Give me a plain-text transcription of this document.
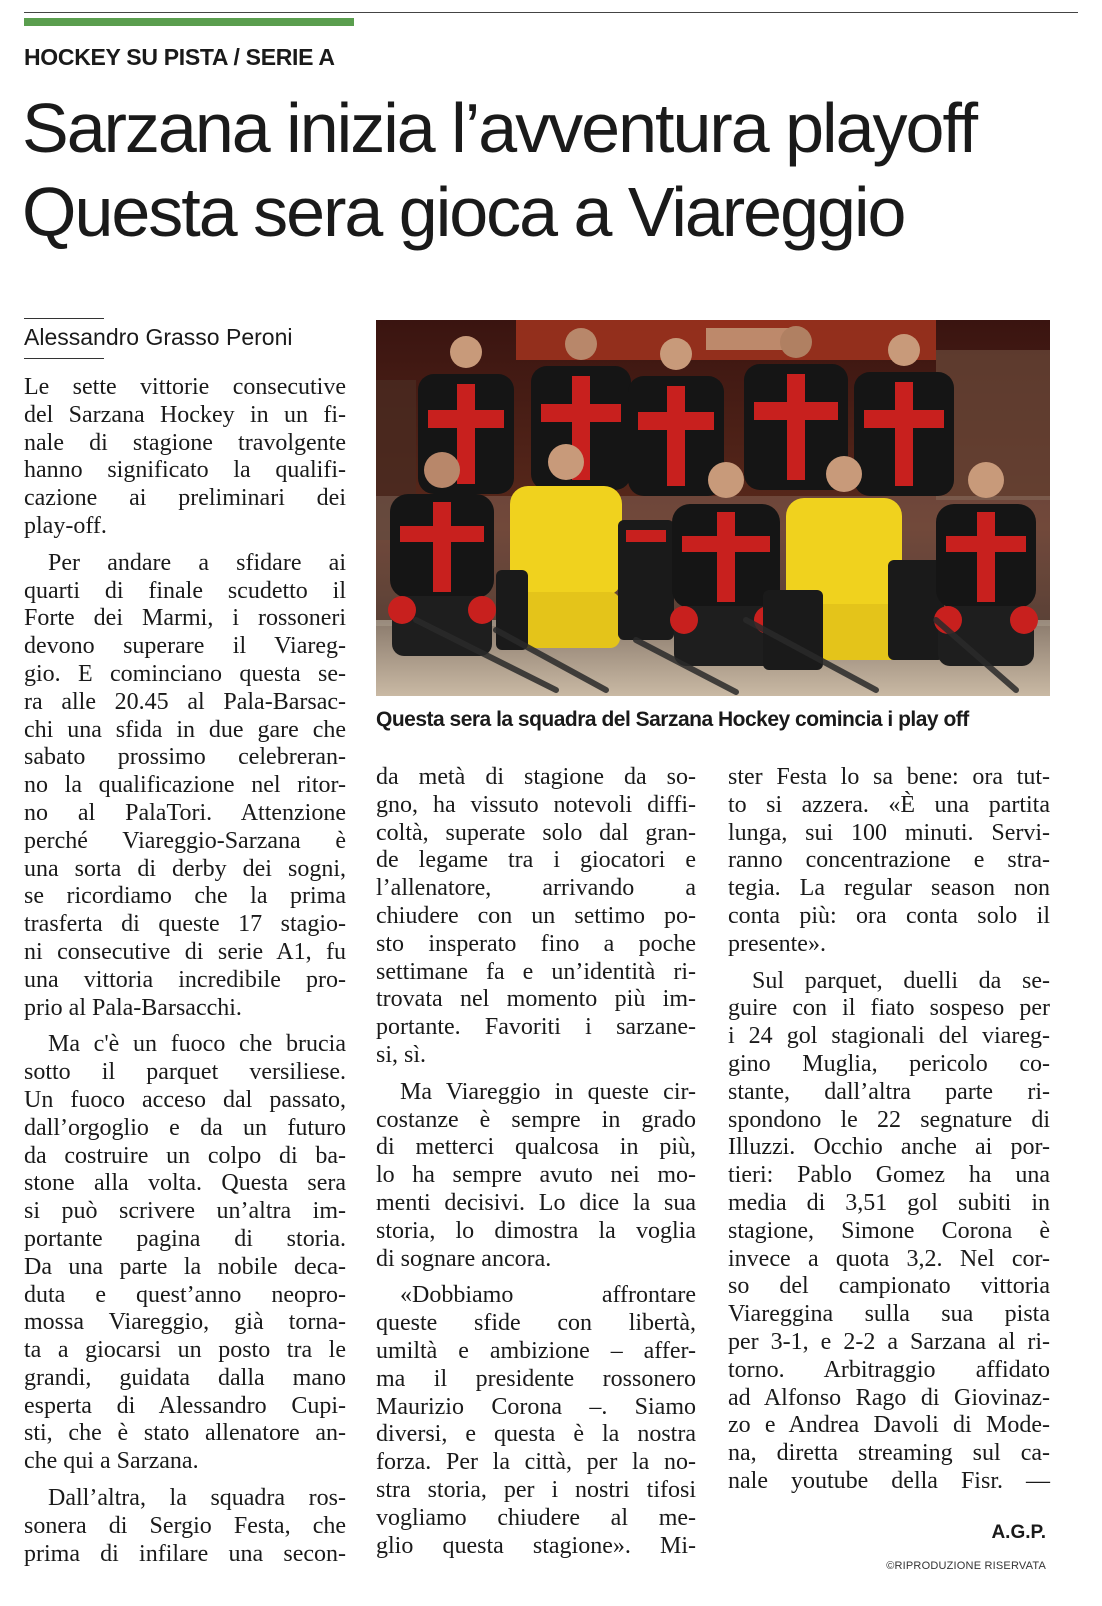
HOCKEY SU PISTA / SERIE A
Sarzana inizia l’avventura playoff
Questa sera gioca a Viareggio
Alessandro Grasso Peroni
Questa sera la squadra del Sarzana Hockey comincia i play off
Le sette vittorie consecutive
del Sarzana Hockey in un fi-
nale di stagione travolgente
hanno significato la qualifi-
cazione ai preliminari dei
play-off.
Per andare a sfidare ai
quarti di finale scudetto il
Forte dei Marmi, i rossoneri
devono superare il Viareg-
gio. E cominciano questa se-
ra alle 20.45 al Pala-Barsac-
chi una sfida in due gare che
sabato prossimo celebreran-
no la qualificazione nel ritor-
no al PalaTori. Attenzione
perché Viareggio-Sarzana è
una sorta di derby dei sogni,
se ricordiamo che la prima
trasferta di queste 17 stagio-
ni consecutive di serie A1, fu
una vittoria incredibile pro-
prio al Pala-Barsacchi.
Ma c'è un fuoco che brucia
sotto il parquet versiliese.
Un fuoco acceso dal passato,
dall’orgoglio e da un futuro
da costruire un colpo di ba-
stone alla volta. Questa sera
si può scrivere un’altra im-
portante pagina di storia.
Da una parte la nobile deca-
duta e quest’anno neopro-
mossa Viareggio, già torna-
ta a giocarsi un posto tra le
grandi, guidata dalla mano
esperta di Alessandro Cupi-
sti, che è stato allenatore an-
che qui a Sarzana.
Dall’altra, la squadra ros-
sonera di Sergio Festa, che
prima di infilare una secon-
da metà di stagione da so-
gno, ha vissuto notevoli diffi-
coltà, superate solo dal gran-
de legame tra i giocatori e
l’allenatore, arrivando a
chiudere con un settimo po-
sto insperato fino a poche
settimane fa e un’identità ri-
trovata nel momento più im-
portante. Favoriti i sarzane-
si, sì.
Ma Viareggio in queste cir-
costanze è sempre in grado
di metterci qualcosa in più,
lo ha sempre avuto nei mo-
menti decisivi. Lo dice la sua
storia, lo dimostra la voglia
di sognare ancora.
«Dobbiamo affrontare
queste sfide con libertà,
umiltà e ambizione – affer-
ma il presidente rossonero
Maurizio Corona –. Siamo
diversi, e questa è la nostra
forza. Per la città, per la no-
stra storia, per i nostri tifosi
vogliamo chiudere al me-
glio questa stagione». Mi-
ster Festa lo sa bene: ora tut-
to si azzera. «È una partita
lunga, sui 100 minuti. Servi-
ranno concentrazione e stra-
tegia. La regular season non
conta più: ora conta solo il
presente».
Sul parquet, duelli da se-
guire con il fiato sospeso per
i 24 gol stagionali del viareg-
gino Muglia, pericolo co-
stante, dall’altra parte ri-
spondono le 22 segnature di
Illuzzi. Occhio anche ai por-
tieri: Pablo Gomez ha una
media di 3,51 gol subiti in
stagione, Simone Corona è
invece a quota 3,2. Nel cor-
so del campionato vittoria
Viareggina sulla sua pista
per 3-1, e 2-2 a Sarzana al ri-
torno. Arbitraggio affidato
ad Alfonso Rago di Giovinaz-
zo e Andrea Davoli di Mode-
na, diretta streaming sul ca-
nale youtube della Fisr. —
A.G.P.
©RIPRODUZIONE RISERVATA
